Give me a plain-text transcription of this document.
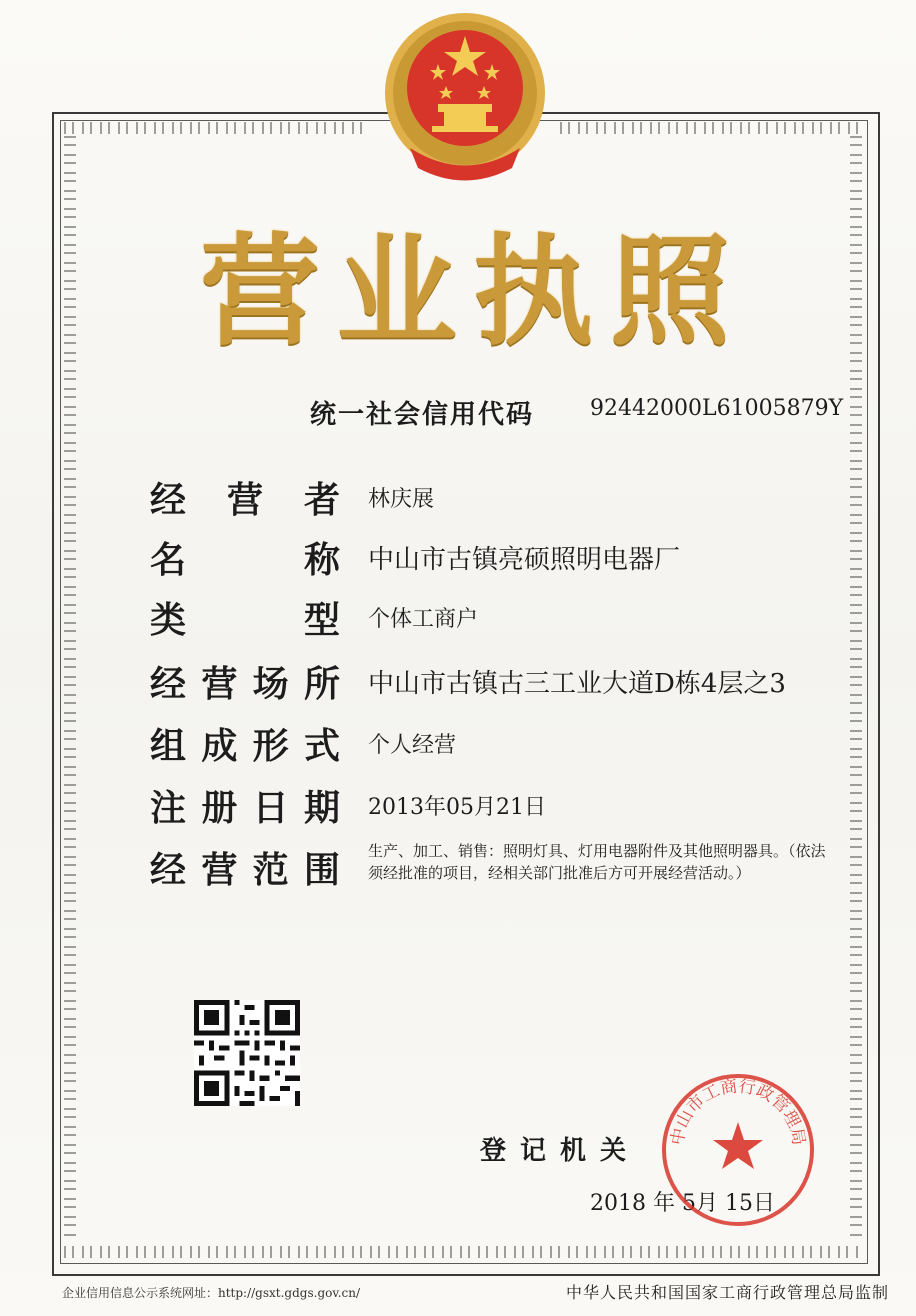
营 业 执 照
统一社会信用代码	92442000L61005879Y
经 营 者 林庆展
名	称 中山市古镇亮硕照明电器厂
类	型 个体工商户
经 营 场 所 中山市古镇古三工业大道D栋4层之3
组 成 形 式 个人经营
注 册 日 期 2013年05月21日
经 营 范 围 生产、加工、销售：照明灯具、灯用电器附件及其他照明器具。（依法须经批准的项目，经相关部门批准后方可开展经营活动。）
登记机关
2018 年 5月 15日
中山市工商行政管理局
企业信用信息公示系统网址：http://gsxt.gdgs.gov.cn/	中华人民共和国国家工商行政管理总局监制
